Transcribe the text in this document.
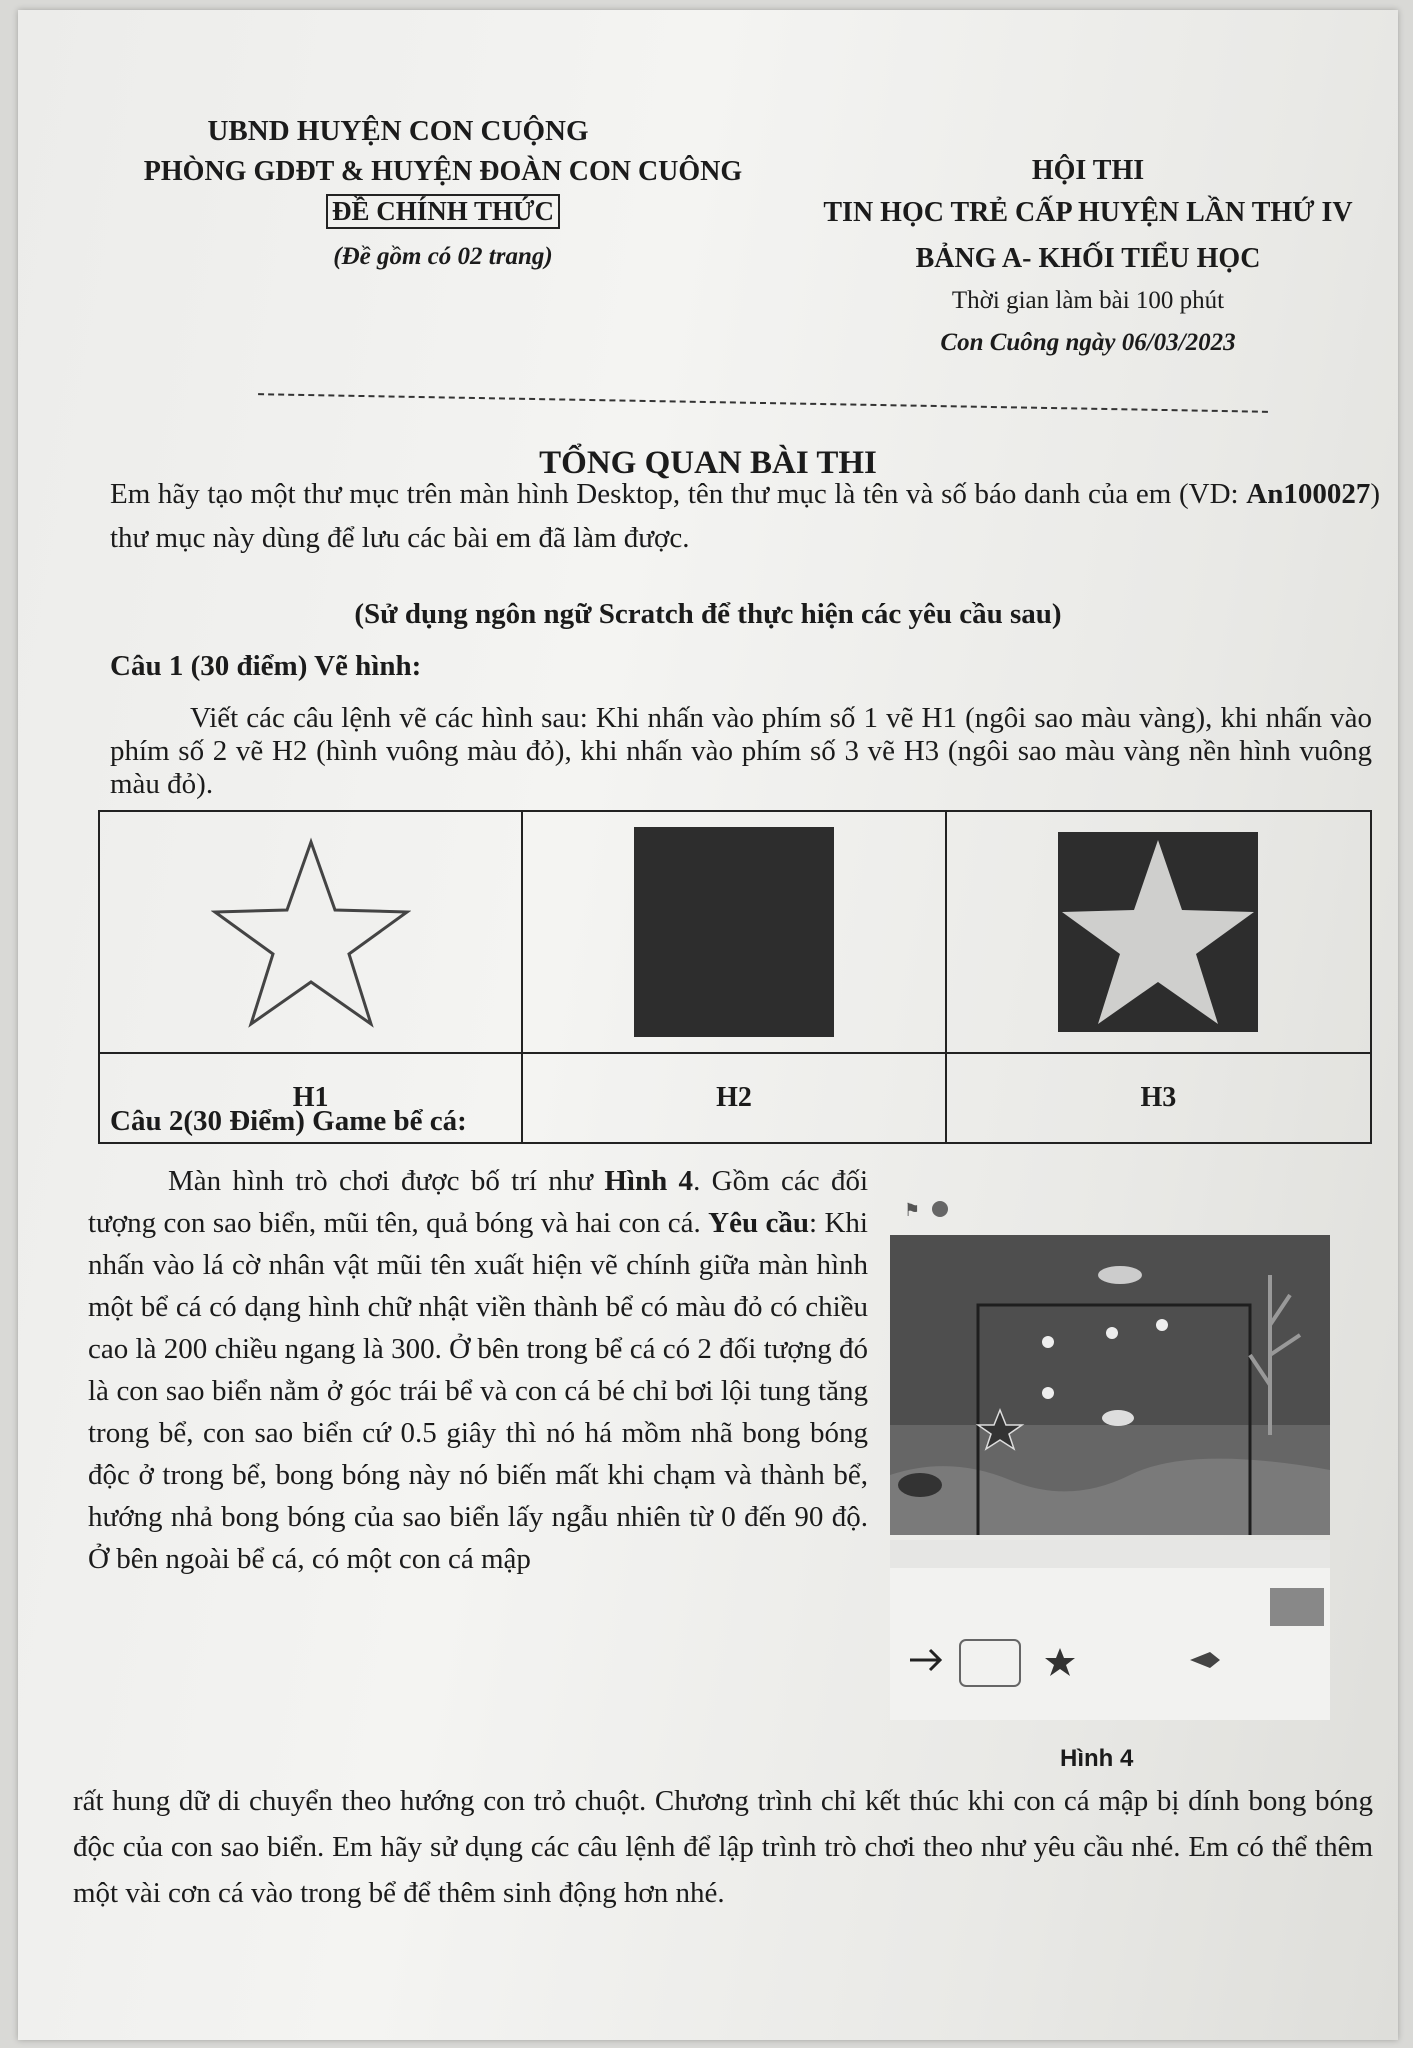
UBND HUYỆN CON CUỘNG
PHÒNG GDĐT & HUYỆN ĐOÀN CON CUÔNG
ĐỀ CHÍNH THỨC
(Đề gồm có 02 trang)
HỘI THI
TIN HỌC TRẺ CẤP HUYỆN LẦN THỨ IV
BẢNG A- KHỐI TIỂU HỌC
Thời gian làm bài 100 phút
Con Cuông ngày 06/03/2023
TỔNG QUAN BÀI THI
Em hãy tạo một thư mục trên màn hình Desktop, tên thư mục là tên và số báo danh của em (VD: An100027) thư mục này dùng để lưu các bài em đã làm được.
(Sử dụng ngôn ngữ Scratch để thực hiện các yêu cầu sau)
Câu 1 (30 điểm) Vẽ hình:
Viết các câu lệnh vẽ các hình sau: Khi nhấn vào phím số 1 vẽ H1 (ngôi sao màu vàng), khi nhấn vào phím số 2 vẽ H2 (hình vuông màu đỏ), khi nhấn vào phím số 3 vẽ H3 (ngôi sao màu vàng nền hình vuông màu đỏ).
H1	H2	H3
Câu 2(30 Điểm) Game bể cá:
Màn hình trò chơi được bố trí như Hình 4. Gồm các đối tượng con sao biển, mũi tên, quả bóng và hai con cá. Yêu cầu: Khi nhấn vào lá cờ nhân vật mũi tên xuất hiện vẽ chính giữa màn hình một bể cá có dạng hình chữ nhật viền thành bể có màu đỏ có chiều cao là 200 chiều ngang là 300. Ở bên trong bể cá có 2 đối tượng đó là con sao biển nằm ở góc trái bể và con cá bé chỉ bơi lội tung tăng trong bể, con sao biển cứ 0.5 giây thì nó há mồm nhã bong bóng độc ở trong bể, bong bóng này nó biến mất khi chạm và thành bể, hướng nhả bong bóng của sao biển lấy ngẫu nhiên từ 0 đến 90 độ. Ở bên ngoài bể cá, có một con cá mập
⚑
Hình 4
rất hung dữ di chuyển theo hướng con trỏ chuột. Chương trình chỉ kết thúc khi con cá mập bị dính bong bóng độc của con sao biển. Em hãy sử dụng các câu lệnh để lập trình trò chơi theo như yêu cầu nhé. Em có thể thêm một vài cơn cá vào trong bể để thêm sinh động hơn nhé.
